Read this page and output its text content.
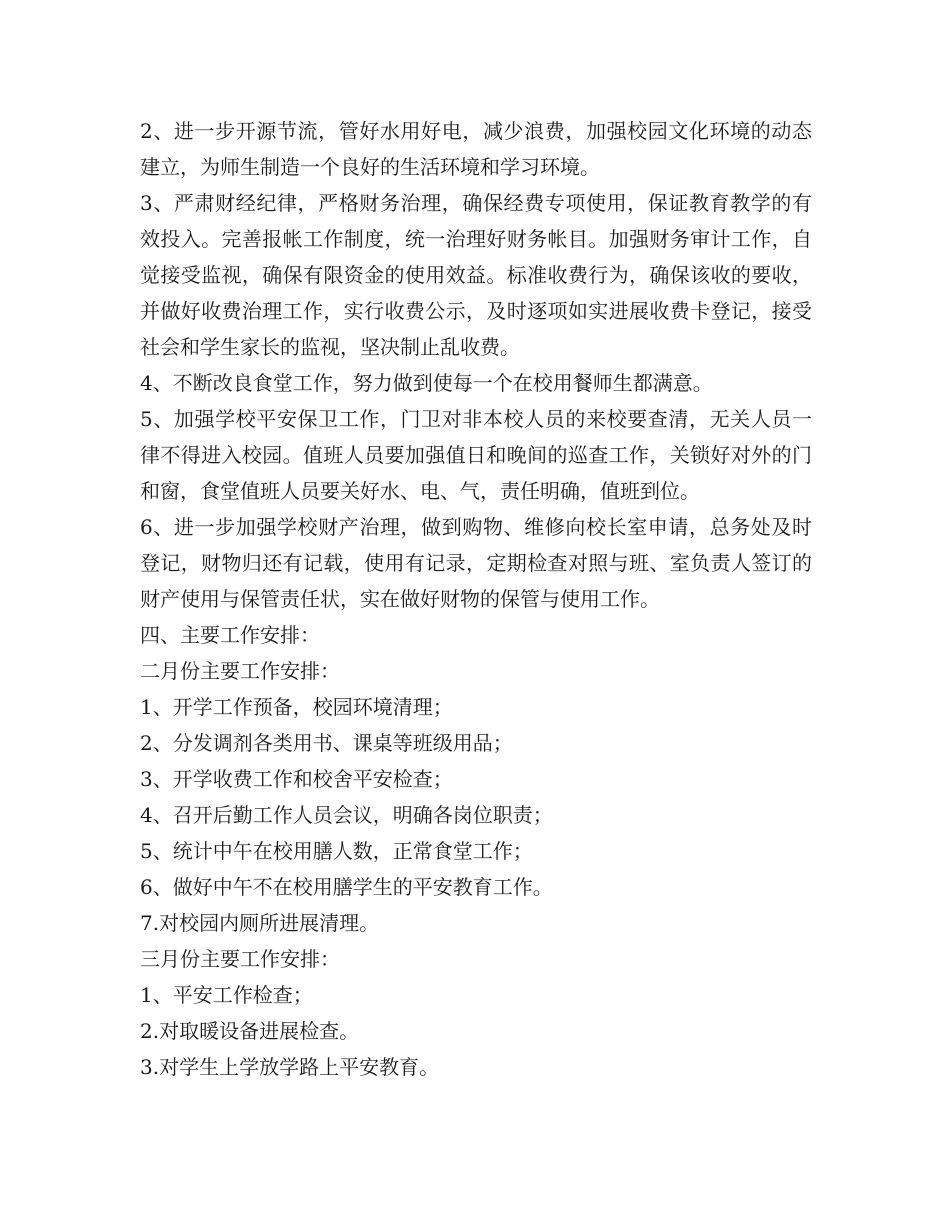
2、进一步开源节流，管好水用好电，减少浪费，加强校园文化环境的动态建立，为师生制造一个良好的生活环境和学习环境。

3、严肃财经纪律，严格财务治理，确保经费专项使用，保证教育教学的有效投入。完善报帐工作制度，统一治理好财务帐目。加强财务审计工作，自觉接受监视，确保有限资金的使用效益。标准收费行为，确保该收的要收，并做好收费治理工作，实行收费公示，及时逐项如实进展收费卡登记，接受社会和学生家长的监视，坚决制止乱收费。

4、不断改良食堂工作，努力做到使每一个在校用餐师生都满意。

5、加强学校平安保卫工作，门卫对非本校人员的来校要查清，无关人员一律不得进入校园。值班人员要加强值日和晚间的巡查工作，关锁好对外的门和窗，食堂值班人员要关好水、电、气，责任明确，值班到位。

6、进一步加强学校财产治理，做到购物、维修向校长室申请，总务处及时登记，财物归还有记载，使用有记录，定期检查对照与班、室负责人签订的财产使用与保管责任状，实在做好财物的保管与使用工作。

四、主要工作安排：

二月份主要工作安排：

1、开学工作预备，校园环境清理；

2、分发调剂各类用书、课桌等班级用品；

3、开学收费工作和校舍平安检查；

4、召开后勤工作人员会议，明确各岗位职责；

5、统计中午在校用膳人数，正常食堂工作；

6、做好中午不在校用膳学生的平安教育工作。

7.对校园内厕所进展清理。

三月份主要工作安排：

1、平安工作检查；

2.对取暖设备进展检查。

3.对学生上学放学路上平安教育。
